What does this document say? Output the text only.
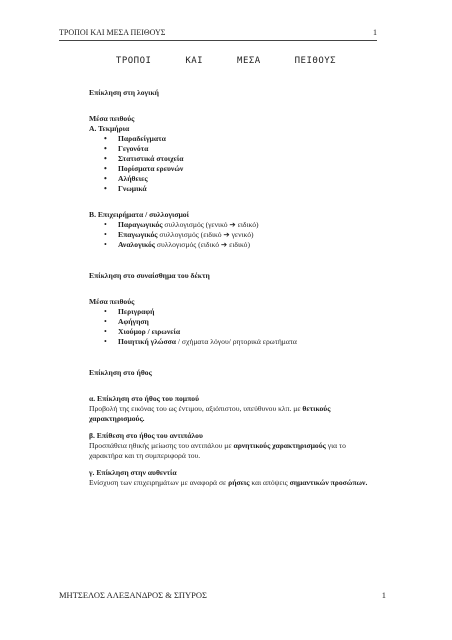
ΤΡΟΠΟΙ ΚΑΙ ΜΕΣΑ ΠΕΙΘΟΥΣ	1
ΤΡΟΠΟΙ	ΚΑΙ	ΜΕΣΑ	ΠΕΙΘΟΥΣ
Επίκληση στη λογική
Μέσα πειθούς
Α. Τεκμήρια
• Παραδείγματα
• Γεγονότα
• Στατιστικά στοιχεία
• Πορίσματα ερευνών
• Αλήθειες
• Γνωμικά
Β. Επιχειρήματα / συλλογισμοί
• Παραγωγικός συλλογισμός (γενικό ➔ ειδικό)
• Επαγωγικός συλλογισμός (ειδικό ➔ γενικό)
• Αναλογικός συλλογισμός (ειδικό ➔ ειδικό)
Επίκληση στο συναίσθημα του δέκτη
Μέσα πειθούς
• Περιγραφή
• Αφήγηση
• Χιούμορ / ειρωνεία
• Ποιητική γλώσσα / σχήματα λόγου/ ρητορικά ερωτήματα
Επίκληση στο ήθος
α. Επίκληση στο ήθος του πομπού
Προβολή της εικόνας του ως έντιμου, αξιόπιστου, υπεύθυνου κλπ. με θετικούς χαρακτηρισμούς.
β. Επίθεση στο ήθος του αντιπάλου
Προσπάθεια ηθικής μείωσης του αντιπάλου με αρνητικούς χαρακτηρισμούς για το χαρακτήρα και τη συμπεριφορά του.
γ. Επίκληση στην αυθεντία
Ενίσχυση των επιχειρημάτων με αναφορά σε ρήσεις και απόψεις σημαντικών προσώπων.
ΜΗΤΣΕΛΟΣ ΑΛΕΞΑΝΔΡΟΣ & ΣΠΥΡΟΣ	1
